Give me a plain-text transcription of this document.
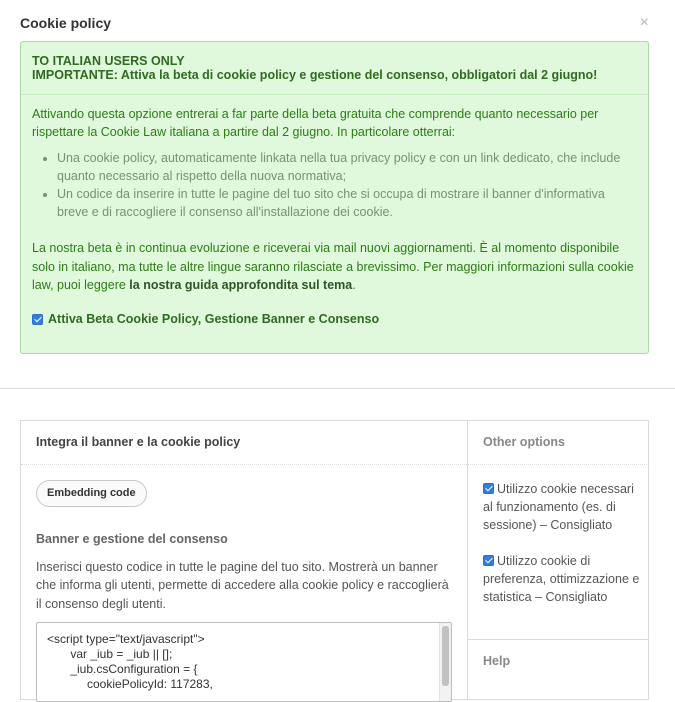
Cookie policy	×
TO ITALIAN USERS ONLY
IMPORTANTE: Attiva la beta di cookie policy e gestione del consenso, obbligatori dal 2 giugno!
Attivando questa opzione entrerai a far parte della beta gratuita che comprende quanto necessario per rispettare la Cookie Law italiana a partire dal 2 giugno. In particolare otterrai:
• Una cookie policy, automaticamente linkata nella tua privacy policy e con un link dedicato, che include quanto necessario al rispetto della nuova normativa;
• Un codice da inserire in tutte le pagine del tuo sito che si occupa di mostrare il banner d'informativa breve e di raccogliere il consenso all'installazione dei cookie.
La nostra beta è in continua evoluzione e riceverai via mail nuovi aggiornamenti. È al momento disponibile solo in italiano, ma tutte le altre lingue saranno rilasciate a brevissimo. Per maggiori informazioni sulla cookie law, puoi leggere la nostra guida approfondita sul tema.
Attiva Beta Cookie Policy, Gestione Banner e Consenso
Integra il banner e la cookie policy
Embedding code
Banner e gestione del consenso
Inserisci questo codice in tutte le pagine del tuo sito. Mostrerà un banner che informa gli utenti, permette di accedere alla cookie policy e raccoglierà il consenso degli utenti.
<script type="text/javascript">
var _iub = _iub || [];
_iub.csConfiguration = {
cookiePolicyId: 117283,
Other options
Utilizzo cookie necessari al funzionamento (es. di sessione) – Consigliato
Utilizzo cookie di preferenza, ottimizzazione e statistica – Consigliato
Help
